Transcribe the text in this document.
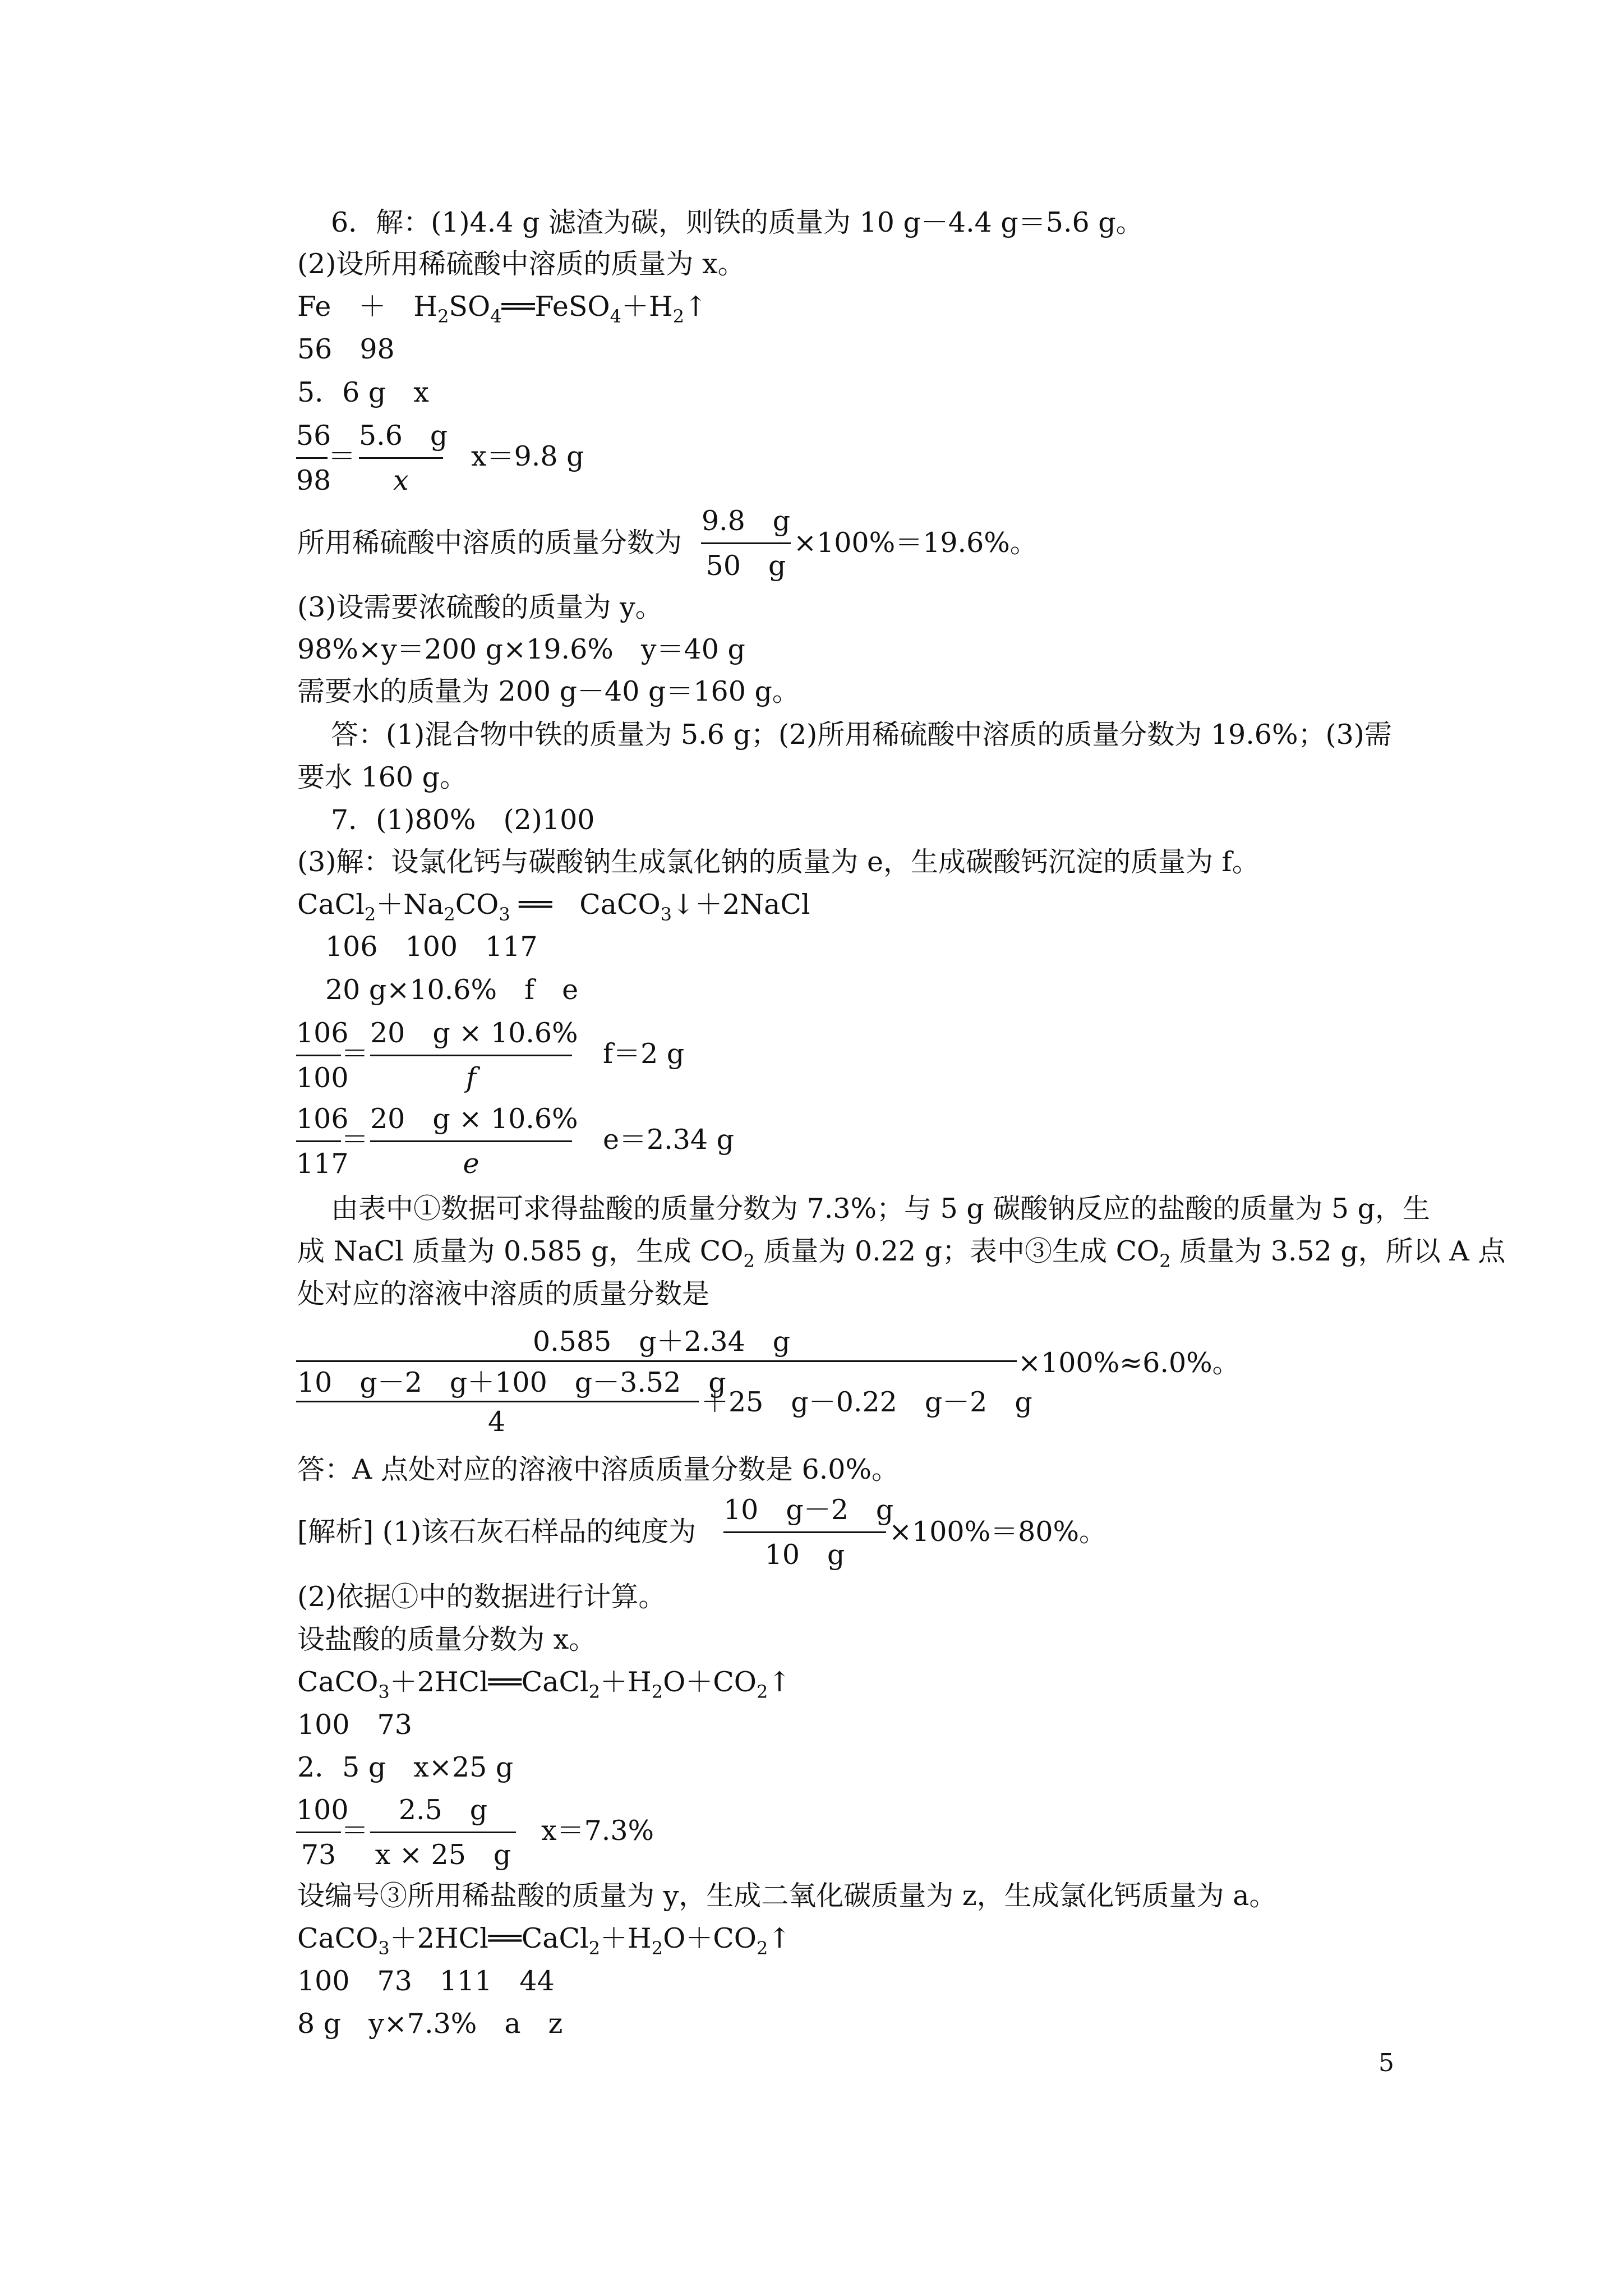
6．解：(1)4.4 g 滤渣为碳，则铁的质量为 10 g－4.4 g＝5.6 g。
(2)设所用稀硫酸中溶质的质量为 x。
Fe　＋　$H_2SO_4══FeSO_4+H_2↑$
56　98
5．6 g　x
56
98
＝
5.6　g
x
x＝9.8 g
所用稀硫酸中溶质的质量分数为
9.8　g
50　g
×100%＝19.6%。
(3)设需要浓硫酸的质量为 y。
98%×y＝200 g×19.6%　y＝40 g
需要水的质量为 200 g－40 g＝160 g。
答：(1)混合物中铁的质量为 5.6 g；(2)所用稀硫酸中溶质的质量分数为 19.6%；(3)需
要水 160 g。
7．(1)80%　(2)100
(3)解：设氯化钙与碳酸钠生成氯化钠的质量为 e，生成碳酸钙沉淀的质量为 f。
$CaCl_2+Na_2CO_3$ ══　CaCO$_3$↓＋2NaCl
106　100　117
20 g×10.6%　f　e
106
100
＝
20　g × 10.6%
f
f＝2 g
106
117
＝
20　g × 10.6%
e
e＝2.34 g
由表中①数据可求得盐酸的质量分数为 7.3%；与 5 g 碳酸钠反应的盐酸的质量为 5 g，生
成 NaCl 质量为 0.585 g，生成 $CO_2$ 质量为 0.22 g；表中③生成 $CO_2$ 质量为 3.52 g，所以 A 点
处对应的溶液中溶质的质量分数是
0.585　g＋2.34　g
10　g－2　g＋100　g－3.52　g
4
＋25　g－0.22　g－2　g
×100%≈6.0%。
答：A 点处对应的溶液中溶质质量分数是 6.0%。
[解析] (1)该石灰石样品的纯度为
10　g－2　g
10　g
×100%＝80%。
(2)依据①中的数据进行计算。
设盐酸的质量分数为 x。
$CaCO_3+2HCl══CaCl_2+H_2O+CO_2↑$
100　73
2．5 g　x×25 g
100
73
＝
2.5　g
x × 25　g
x＝7.3%
设编号③所用稀盐酸的质量为 y，生成二氧化碳质量为 z，生成氯化钙质量为 a。
$CaCO_3+2HCl══CaCl_2+H_2O+CO_2↑$
100　73　111　44
8 g　y×7.3%　a　z
5
